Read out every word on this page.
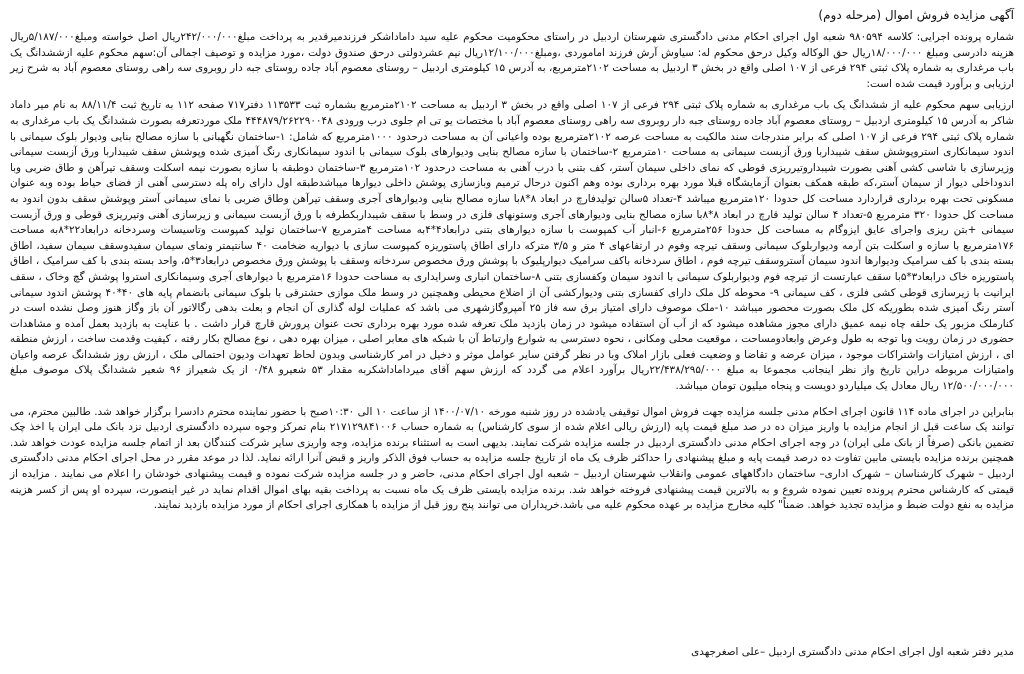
آگهی مزایده فروش اموال (مرحله دوم)

شماره پرونده اجرایی: کلاسه ۹۸۰۵۹۴ شعبه اول اجرای احکام مدنی دادگستری شهرستان اردبیل در راستای محکومیت محکوم علیه سید داماداشکر فرزندمیرقدیر به پرداخت مبلغ۲۴۲/۰۰۰/۰۰۰ریال اصل خواسته ومبلغ۵/۱۸۷/۰۰۰ریال هزینه دادرسی ومبلغ ۱۸/۰۰۰/۰۰۰ریال حق الوکاله وکیل درحق محکوم له: سیاوش آرش فرزند اماموردی ،ومبلغ۱۲/۱۰۰/۰۰۰ریال نیم عشردولتی درحق صندوق دولت ،مورد مزایده و توصیف اجمالی آن:سهم محکوم علیه ازششدانگ یک باب مرغداری به شماره پلاک ثبتی ۲۹۴ فرعی از ۱۰۷ اصلی واقع در بخش ۳ اردبیل به مساحت ۲۱۰۲مترمربع، به آدرس ۱۵ کیلومتری اردبیل – روستای معصوم آباد جاده روستای جبه دار روبروی سه راهی روستای معصوم آباد به شرح زیر ارزیابی و برآورد قیمت شده است:

ارزیابی سهم محکوم علیه از ششدانگ یک باب مرغداری به شماره پلاک ثبتی ۲۹۴ فرعی از ۱۰۷ اصلی واقع در بخش ۳ اردبیل به مساحت ۲۱۰۲مترمربع بشماره ثبت ۱۱۳۵۳۳ دفتر۷۱۷ صفحه ۱۱۲ به تاریخ ثبت ۸۸/۱۱/۴ به نام میر داماد شاکر به آدرس ۱۵ کیلومتری اردبیل – روستای معصوم آباد جاده روستای جبه دار روبروی سه راهی روستای معصوم آباد با مختصات یو تی ام جلوی درب ورودی ۴۴۴۸۷۹/۲۶۲۲۹۰۰۴۸ ملک موردتعرفه بصورت ششدانگ یک باب مرغداری به شماره پلاک ثبتی ۲۹۴ فرعی از ۱۰۷ اصلی که برابر مندرجات سند مالکیت به مساحت عرصه ۲۱۰۲مترمربع بوده واعیانی آن به مساحت درحدود ۱۰۰۰مترمربع که شامل: ۱-ساختمان نگهبانی با سازه مصالح بنایی ودیوار بلوک سیمانی با اندود سیمانکاری استروپوشش سقف شیبداربا ورق آزبست سیمانی به مساحت ۱۰مترمربع ۲-ساختمان با سازه مصالح بنایی ودیوارهای بلوک سیمانی با اندود سیمانکاری رنگ آمیزی شده وپوشش سقف شیبداربا ورق آزبست سیمانی وزیرسازی با شاسی کشی آهنی بصورت شیبداروتیرریزی قوطی که نمای داخلی سیمان آستر، کف بتنی با درب آهنی به مساحت درحدود ۱۰۲مترمربع ۳-ساختمان دوطبقه با سازه بصورت نیمه اسکلت وسقف تیرآهن و طاق ضربی وبا اندوداخلی دیوار از سیمان آستر،که طبقه همکف بعنوان آزمایشگاه قبلا مورد بهره برداری بوده وهم اکنون درحال ترمیم وبازسازی پوشش داخلی دیوارها میباشدطبقه اول دارای راه پله دسترسی آهنی از فضای حیاط بوده وبه عنوان مسکونی تحت بهره برداری قراردارد مساحت کل حدودا ۱۲۰مترمربع میباشد ۴-تعداد ۵سالن تولیدفارچ در ابعاد ۸*۸با سازه مصالح بنایی ودیوارهای آجری وسقف تیرآهن وطاق ضربی با نمای سیمانی آستر وپوشش سقف بدون اندود به مساحت کل حدودا ۳۲۰ مترمربع ۵-تعداد ۴ سالن تولید قارچ در ابعاد ۸*۸با سازه مصالح بنایی ودیوارهای آجری وستونهای فلزی در وسط با سقف شیبداربکطرفه با ورق آزبست سیمانی و زیرسازی آهنی وتیرریزی قوطی و ورق آزبست سیمانی +بتن ریزی واجرای عایق ایزوگام به مساحت کل حدودا ۲۵۶مترمربع ۶-انبار آب کمپوست با سازه دیوارهای بتنی درابعاد۴*۴به مساحت ۴مترمربع ۷-ساختمان تولید کمپوست وتاسیسات وسردخانه درابعاد۲۲*۸به مساحت ۱۷۶مترمربع با سازه و اسکلت بتن آرمه ودیواربلوک سیمانی وسقف تیرچه وفوم در ارتفاعهای ۴ متر و ۳/۵ مترکه دارای اطاق پاستوریزه کمپوست سازی با دیواریه ضخامت ۴۰ سانتیمتر ونمای سیمان سفیدوسقف سیمان سفید، اطاق بسته بندی با کف سرامیک ودیوارها اندود سیمان آستروسقف تیرچه فوم ، اطاق سردخانه باکف سرامیک دیوارپلیوک با پوشش ورق مخصوص سردخانه وسقف با پوشش ورق مخصوص درابعاد۳*۵، واحد بسته بندی با کف سرامیک ، اطاق پاستوریزه خاک درابعاد۳*۵با سقف عبارتست از تیرچه فوم ودیواربلوک سیمانی با اندود سیمان وکفسازی بتنی ۸-ساختمان انباری وسرایداری به مساحت حدودا ۱۶مترمربع با دیوارهای آجری وسیمانکاری استروا پوشش گچ وخاک ، سقف ایرانیت با زیرسازی قوطی کشی فلزی ، کف سیمانی ۹- محوطه کل ملک دارای کفسازی بتنی ودیوارکشی آن از اضلاع محیطی وهمچنین در وسط ملک موازی حشترقی با بلوک سیمانی بانضمام پایه های ۴۰*۴۰ پوشش اندود سیمانی آستر رنگ آمیزی شده بطوریکه کل ملک بصورت محصور میباشد ۱۰-ملک موصوف دارای امتیاز برق سه فاز ۲۵ آمپروگازشهری می باشد که عملیات لوله گذاری آن انجام و بعلت بدهی رگالاتور آن باز وگاز هنوز وصل نشده است در کنارملک مزبور یک حلقه چاه نیمه عمیق دارای مجوز مشاهده میشود که از آب آن استفاده میشود در زمان بازدید ملک تعرفه شده مورد بهره برداری تحت عنوان پرورش قارچ قرار داشت . با عنایت به بازدید بعمل آمده و مشاهدات حضوری در زمان رویت وبا توجه به طول وعرض وابعادومساحت ، موقعیت محلی ومکانی ، نحوه دسترسی به شوارع وارتباط آن با شبکه های معابر اصلی ، میزان بهره دهی ، نوع مصالح بکار رفته ، کیفیت وقدمت ساخت ، ارزش منطقه ای ، ارزش امتیازات واشتراکات موجود ، میزان عرضه و تقاضا و وضعیت فعلی بازار املاک وبا در نظر گرفتن سایر عوامل موثر و دخیل در امر کارشناسی وبدون لحاظ تعهدات ودیون احتمالی ملک ، ارزش روز ششدانگ عرصه واعیان وامتیازات مربوطه دراین تاریخ واز نظر اینجانب مجموعا به مبلغ ۲۲/۴۳۸/۲۹۵/۰۰۰ریال برآورد اعلام می گردد که ارزش سهم آقای میرداماداشکربه مقدار ۵۳ شعیرو ۰/۴۸ از یک شعیراز ۹۶ شعیر ششدانگ پلاک موصوف مبلغ ۱۲/۵۰۰/۰۰۰/۰۰۰ ریال معادل یک میلیاردو دویست و پنجاه میلیون تومان میباشد.

بنابراین در اجرای ماده ۱۱۴ قانون اجرای احکام مدنی جلسه مزایده جهت فروش اموال توقیفی یادشده در روز شنبه مورخه ۱۴۰۰/۰۷/۱۰ از ساعت ۱۰ الی ۱۰:۳۰صبح با حضور نماینده محترم دادسرا برگزار خواهد شد. طالبین محترم، می توانند یک ساعت قبل از انجام مزایده با واریز میزان ده در صد مبلغ قیمت پایه (ارزش ریالی اعلام شده از سوی کارشناس) به شماره حساب ۲۱۷۱۲۹۸۴۱۰۰۶ بنام تمرکز وجوه سپرده دادگستری اردبیل نزد بانک ملی ایران یا اخذ چک تضمین بانکی (صرفاً از بانک ملی ایران) در وجه اجرای احکام مدنی دادگستری اردبیل در جلسه مزایده شرکت نمایند. بدیهی است به استثناء برنده مزایده، وجه واریزی سایر شرکت کنندگان بعد از اتمام جلسه مزایده عودت خواهد شد. همچنین برنده مزایده بایستی مابین تفاوت ده درصد قیمت پایه و مبلغ پیشنهادی را حداکثر ظرف یک ماه از تاریخ جلسه مزایده به حساب فوق الذکر واریز و قبض آنرا ارائه نماید. لذا در موعد مقرر در محل اجرای احکام مدنی دادگستری اردبیل – شهرک کارشناسان – شهرک اداری– ساختمان دادگاههای عمومی وانقلاب شهرستان اردبیل – شعبه اول اجرای احکام مدنی، حاضر و در جلسه مزایده شرکت نموده و قیمت پیشنهادی خودشان را اعلام می نمایند . مزایده از قیمتی که کارشناس محترم پرونده تعیین نموده شروع و به بالاترین قیمت پیشنهادی فروخته خواهد شد. برنده مزایده بایستی ظرف یک ماه نسبت به پرداخت بقیه بهای اموال اقدام نماید در غیر اینصورت، سپرده او پس از کسر هزینه مزایده به نفع دولت ضبط و مزایده تجدید خواهد. ضمناً" کلیه مخارج مزایده بر عهده محکوم علیه می باشد.خریداران می توانند پنج روز قبل از مزایده با همکاری اجرای احکام از مورد مزایده بازدید نمایند.

مدیر دفتر شعبه اول اجرای احکام مدنی دادگستری اردبیل –علی اصغرجهدی
